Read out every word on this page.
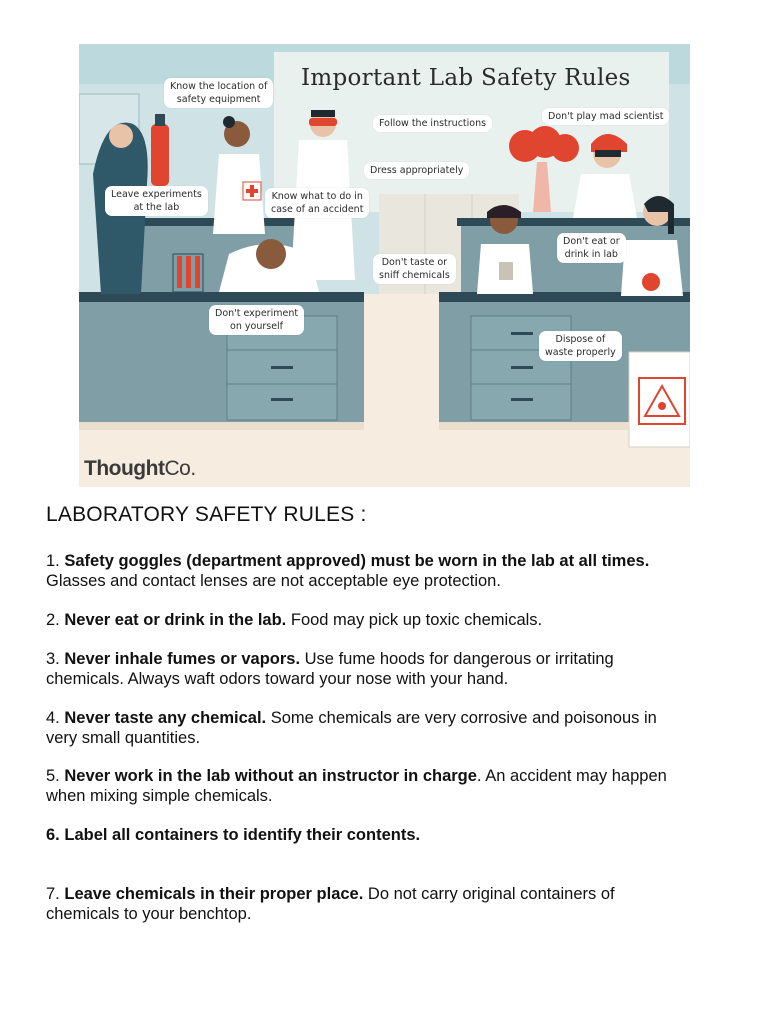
Important Lab Safety Rules
Know the location of
safety equipment
Follow the instructions
Don't play mad scientist
Dress appropriately
Leave experiments
at the lab
Know what to do in
case of an accident
Don't eat or
drink in lab
Don't taste or
sniff chemicals
Don't experiment
on yourself
Dispose of
waste properly
ThoughtCo.
LABORATORY SAFETY RULES :
1. Safety goggles (department approved) must be worn in the lab at all times. Glasses and contact lenses are not acceptable eye protection.
2. Never eat or drink in the lab. Food may pick up toxic chemicals.
3. Never inhale fumes or vapors. Use fume hoods for dangerous or irritating chemicals. Always waft odors toward your nose with your hand.
4. Never taste any chemical. Some chemicals are very corrosive and poisonous in very small quantities.
5. Never work in the lab without an instructor in charge. An accident may happen when mixing simple chemicals.
6. Label all containers to identify their contents.
7. Leave chemicals in their proper place. Do not carry original containers of chemicals to your benchtop.
